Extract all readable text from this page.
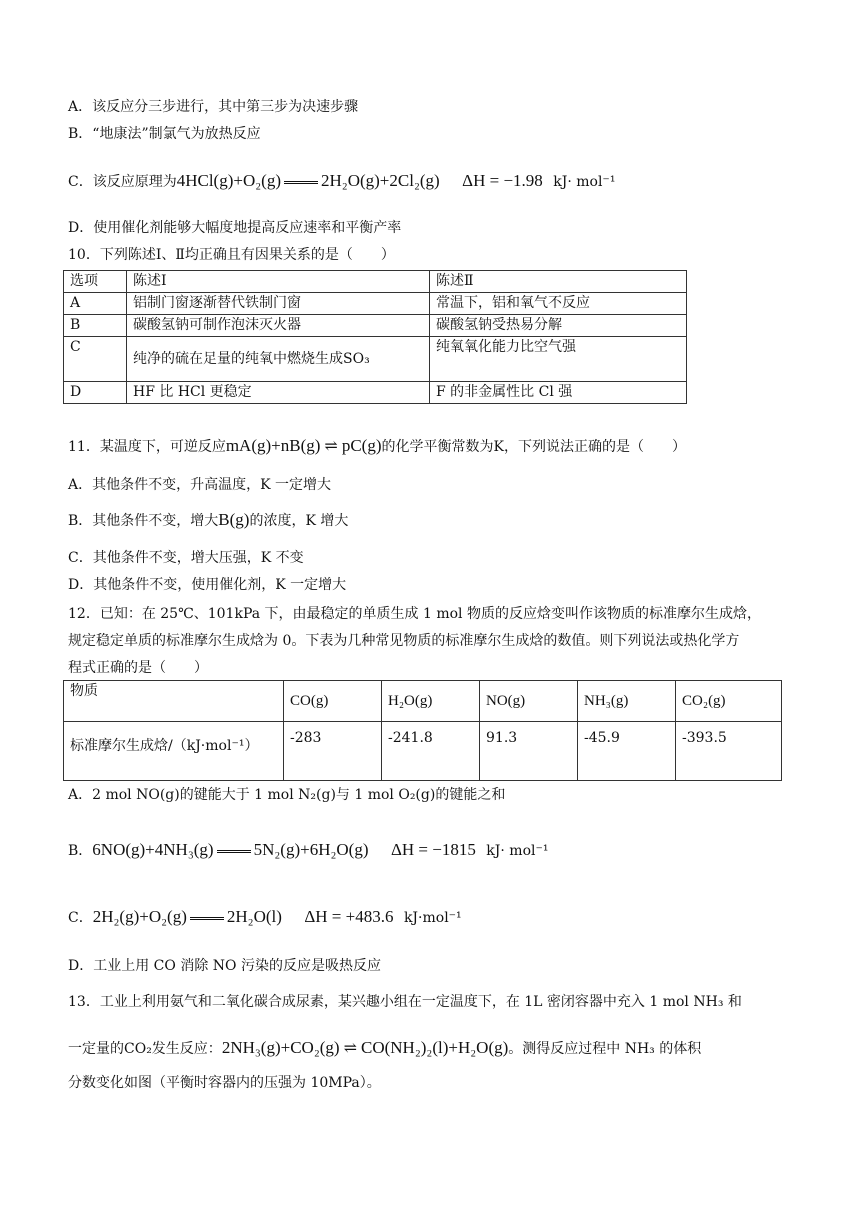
A．该反应分三步进行，其中第三步为决速步骤
B．“地康法”制氯气为放热反应
C．该反应原理为4HCl(g)+O₂(g) 2H₂O(g)+2Cl₂(g) ΔH = −1.98 kJ· mol⁻¹
D．使用催化剂能够大幅度地提高反应速率和平衡产率
10．下列陈述Ⅰ、Ⅱ均正确且有因果关系的是（　　）
选项	陈述Ⅰ	陈述Ⅱ
A	铝制门窗逐渐替代铁制门窗	常温下，铝和氧气不反应
B	碳酸氢钠可制作泡沫灭火器	碳酸氢钠受热易分解
C	纯净的硫在足量的纯氧中燃烧生成SO₃	纯氧氧化能力比空气强
D	HF 比 HCl 更稳定	F 的非金属性比 Cl 强
11．某温度下，可逆反应mA(g)+nB(g) ⇌ pC(g)的化学平衡常数为K，下列说法正确的是（　　）
A．其他条件不变，升高温度，K 一定增大
B．其他条件不变，增大B(g)的浓度，K 增大
C．其他条件不变，增大压强，K 不变
D．其他条件不变，使用催化剂，K 一定增大
12．已知：在 25℃、101kPa 下，由最稳定的单质生成 1 mol 物质的反应焓变叫作该物质的标准摩尔生成焓，
规定稳定单质的标准摩尔生成焓为 0。下表为几种常见物质的标准摩尔生成焓的数值。则下列说法或热化学方
程式正确的是（　　）
物质	CO(g)	H₂O(g)	NO(g)	NH₃(g)	CO₂(g)
标准摩尔生成焓/（kJ·mol⁻¹）	-283	-241.8	91.3	-45.9	-393.5
A．2 mol NO(g)的键能大于 1 mol N₂(g)与 1 mol O₂(g)的键能之和
B．6NO(g)+4NH₃(g) 5N₂(g)+6H₂O(g) ΔH = −1815 kJ· mol⁻¹
C．2H₂(g)+O₂(g) 2H₂O(l) ΔH = +483.6 kJ·mol⁻¹
D．工业上用 CO 消除 NO 污染的反应是吸热反应
13．工业上利用氨气和二氧化碳合成尿素，某兴趣小组在一定温度下，在 1L 密闭容器中充入 1 mol NH₃ 和
一定量的CO₂发生反应：2NH₃(g)+CO₂(g) ⇌ CO(NH₂)₂(l)+H₂O(g)。测得反应过程中 NH₃ 的体积
分数变化如图（平衡时容器内的压强为 10MPa）。
